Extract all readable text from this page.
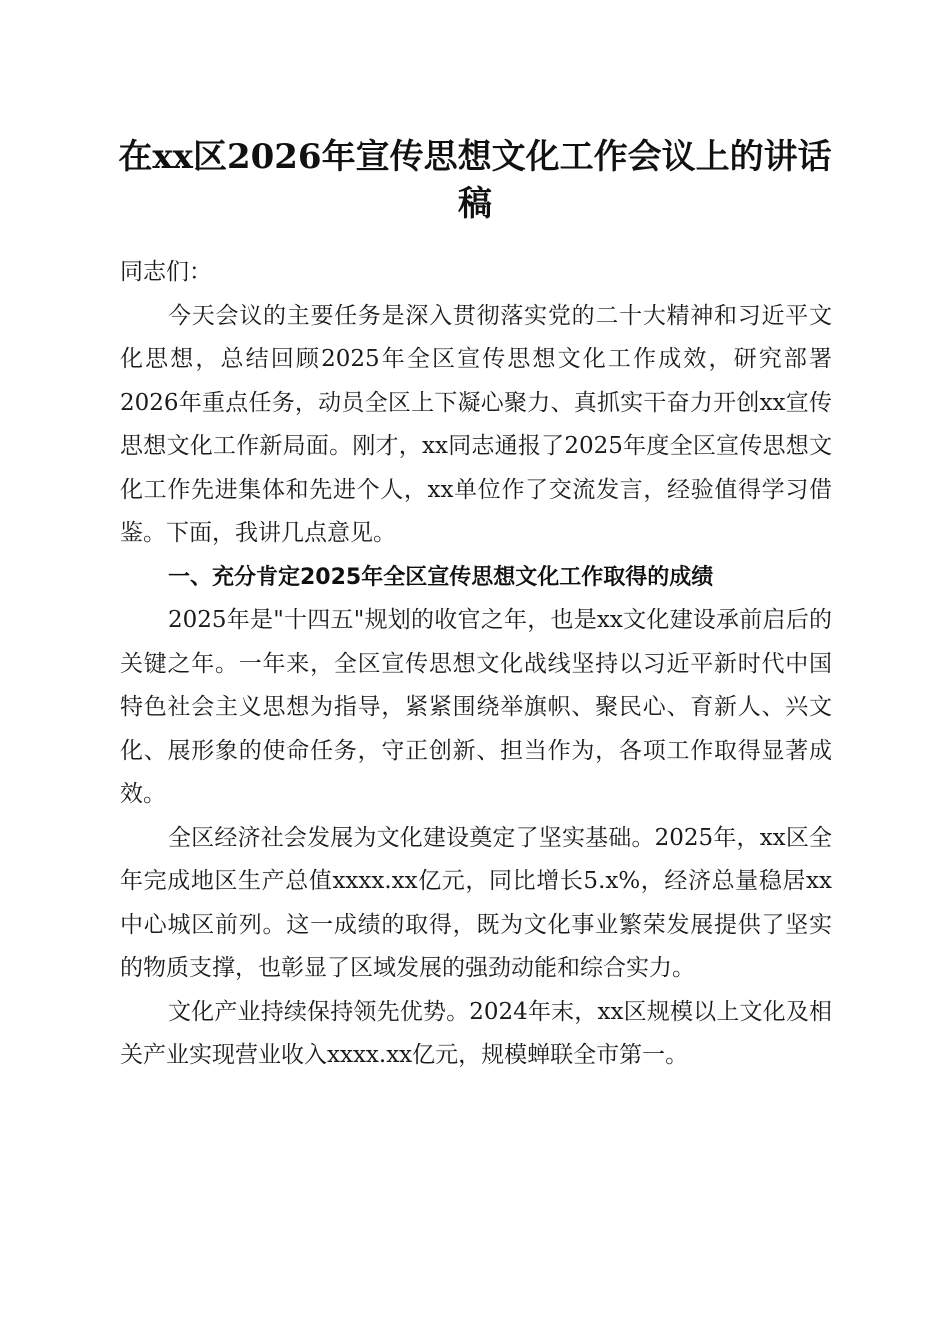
在xx区2026年宣传思想文化工作会议上的讲话稿

同志们：

今天会议的主要任务是深入贯彻落实党的二十大精神和习近平文化思想，总结回顾2025年全区宣传思想文化工作成效，研究部署2026年重点任务，动员全区上下凝心聚力、真抓实干奋力开创xx宣传思想文化工作新局面。刚才，xx同志通报了2025年度全区宣传思想文化工作先进集体和先进个人，xx单位作了交流发言，经验值得学习借鉴。下面，我讲几点意见。

一、充分肯定2025年全区宣传思想文化工作取得的成绩

2025年是"十四五"规划的收官之年，也是xx文化建设承前启后的关键之年。一年来，全区宣传思想文化战线坚持以习近平新时代中国特色社会主义思想为指导，紧紧围绕举旗帜、聚民心、育新人、兴文化、展形象的使命任务，守正创新、担当作为，各项工作取得显著成效。

全区经济社会发展为文化建设奠定了坚实基础。2025年，xx区全年完成地区生产总值xxxx.xx亿元，同比增长5.x%，经济总量稳居xx中心城区前列。这一成绩的取得，既为文化事业繁荣发展提供了坚实的物质支撑，也彰显了区域发展的强劲动能和综合实力。

文化产业持续保持领先优势。2024年末，xx区规模以上文化及相关产业实现营业收入xxxx.xx亿元，规模蝉联全市第一。
